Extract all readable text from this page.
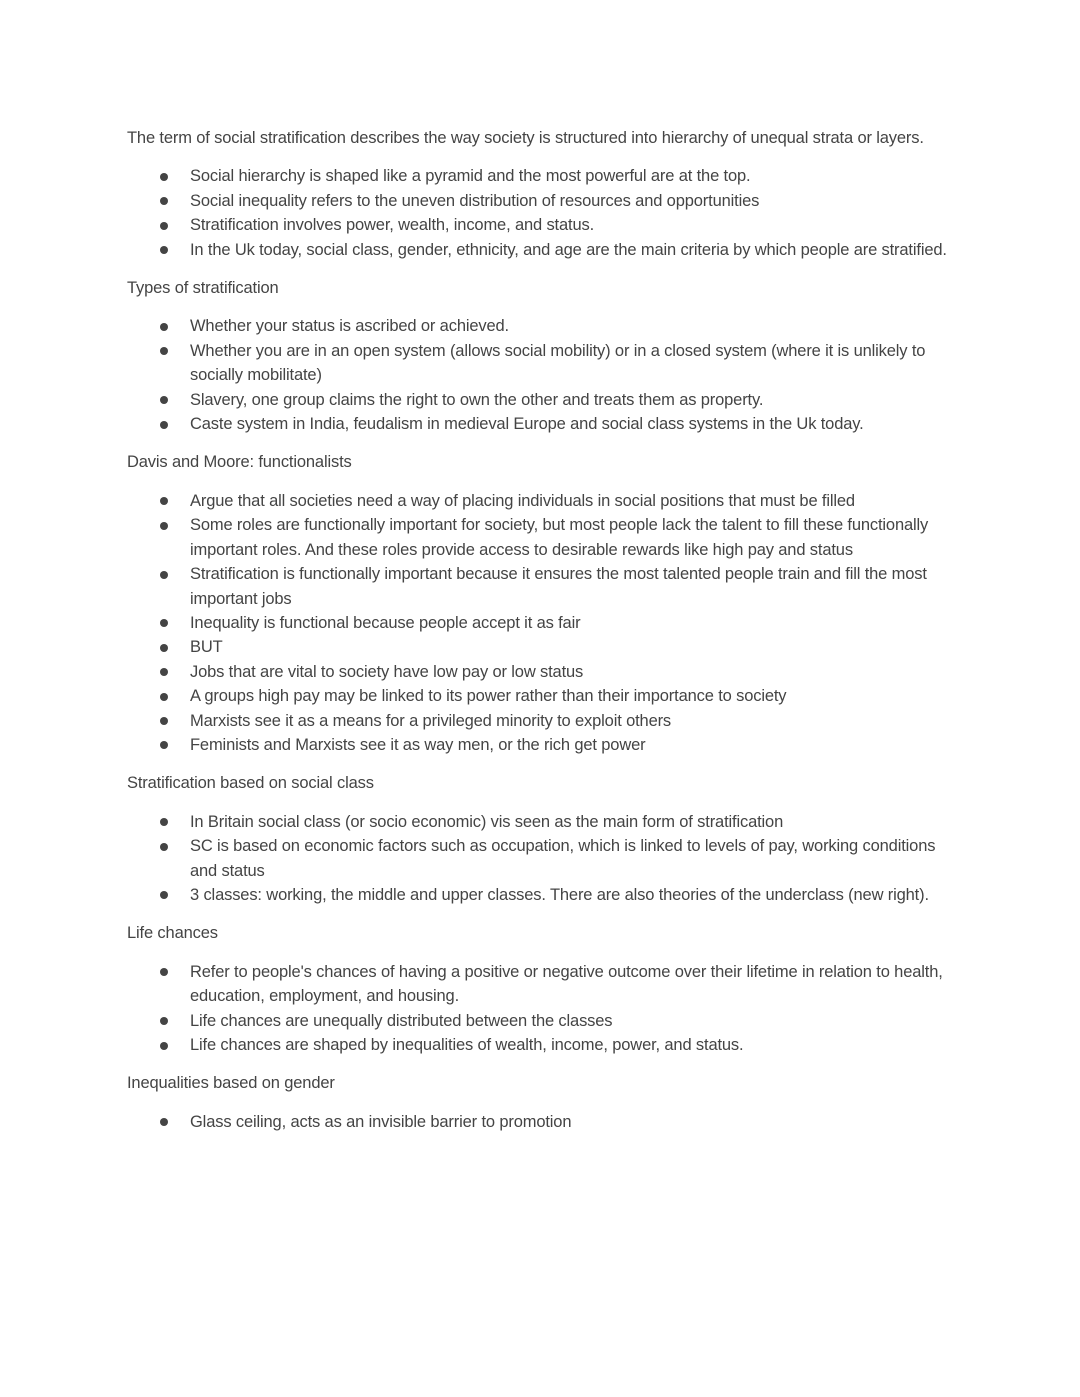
The term of social stratification describes the way society is structured into hierarchy of unequal strata or layers.

Social hierarchy is shaped like a pyramid and the most powerful are at the top.
Social inequality refers to the uneven distribution of resources and opportunities
Stratification involves power, wealth, income, and status.
In the Uk today, social class, gender, ethnicity, and age are the main criteria by which people are stratified.

Types of stratification

Whether your status is ascribed or achieved.
Whether you are in an open system (allows social mobility) or in a closed system (where it is unlikely to socially mobilitate)
Slavery, one group claims the right to own the other and treats them as property.
Caste system in India, feudalism in medieval Europe and social class systems in the Uk today.

Davis and Moore: functionalists

Argue that all societies need a way of placing individuals in social positions that must be filled
Some roles are functionally important for society, but most people lack the talent to fill these functionally important roles. And these roles provide access to desirable rewards like high pay and status
Stratification is functionally important because it ensures the most talented people train and fill the most important jobs
Inequality is functional because people accept it as fair
BUT
Jobs that are vital to society have low pay or low status
A groups high pay may be linked to its power rather than their importance to society
Marxists see it as a means for a privileged minority to exploit others
Feminists and Marxists see it as way men, or the rich get power

Stratification based on social class

In Britain social class (or socio economic) vis seen as the main form of stratification
SC is based on economic factors such as occupation, which is linked to levels of pay, working conditions and status
3 classes: working, the middle and upper classes. There are also theories of the underclass (new right).

Life chances

Refer to people's chances of having a positive or negative outcome over their lifetime in relation to health, education, employment, and housing.
Life chances are unequally distributed between the classes
Life chances are shaped by inequalities of wealth, income, power, and status.

Inequalities based on gender

Glass ceiling, acts as an invisible barrier to promotion
